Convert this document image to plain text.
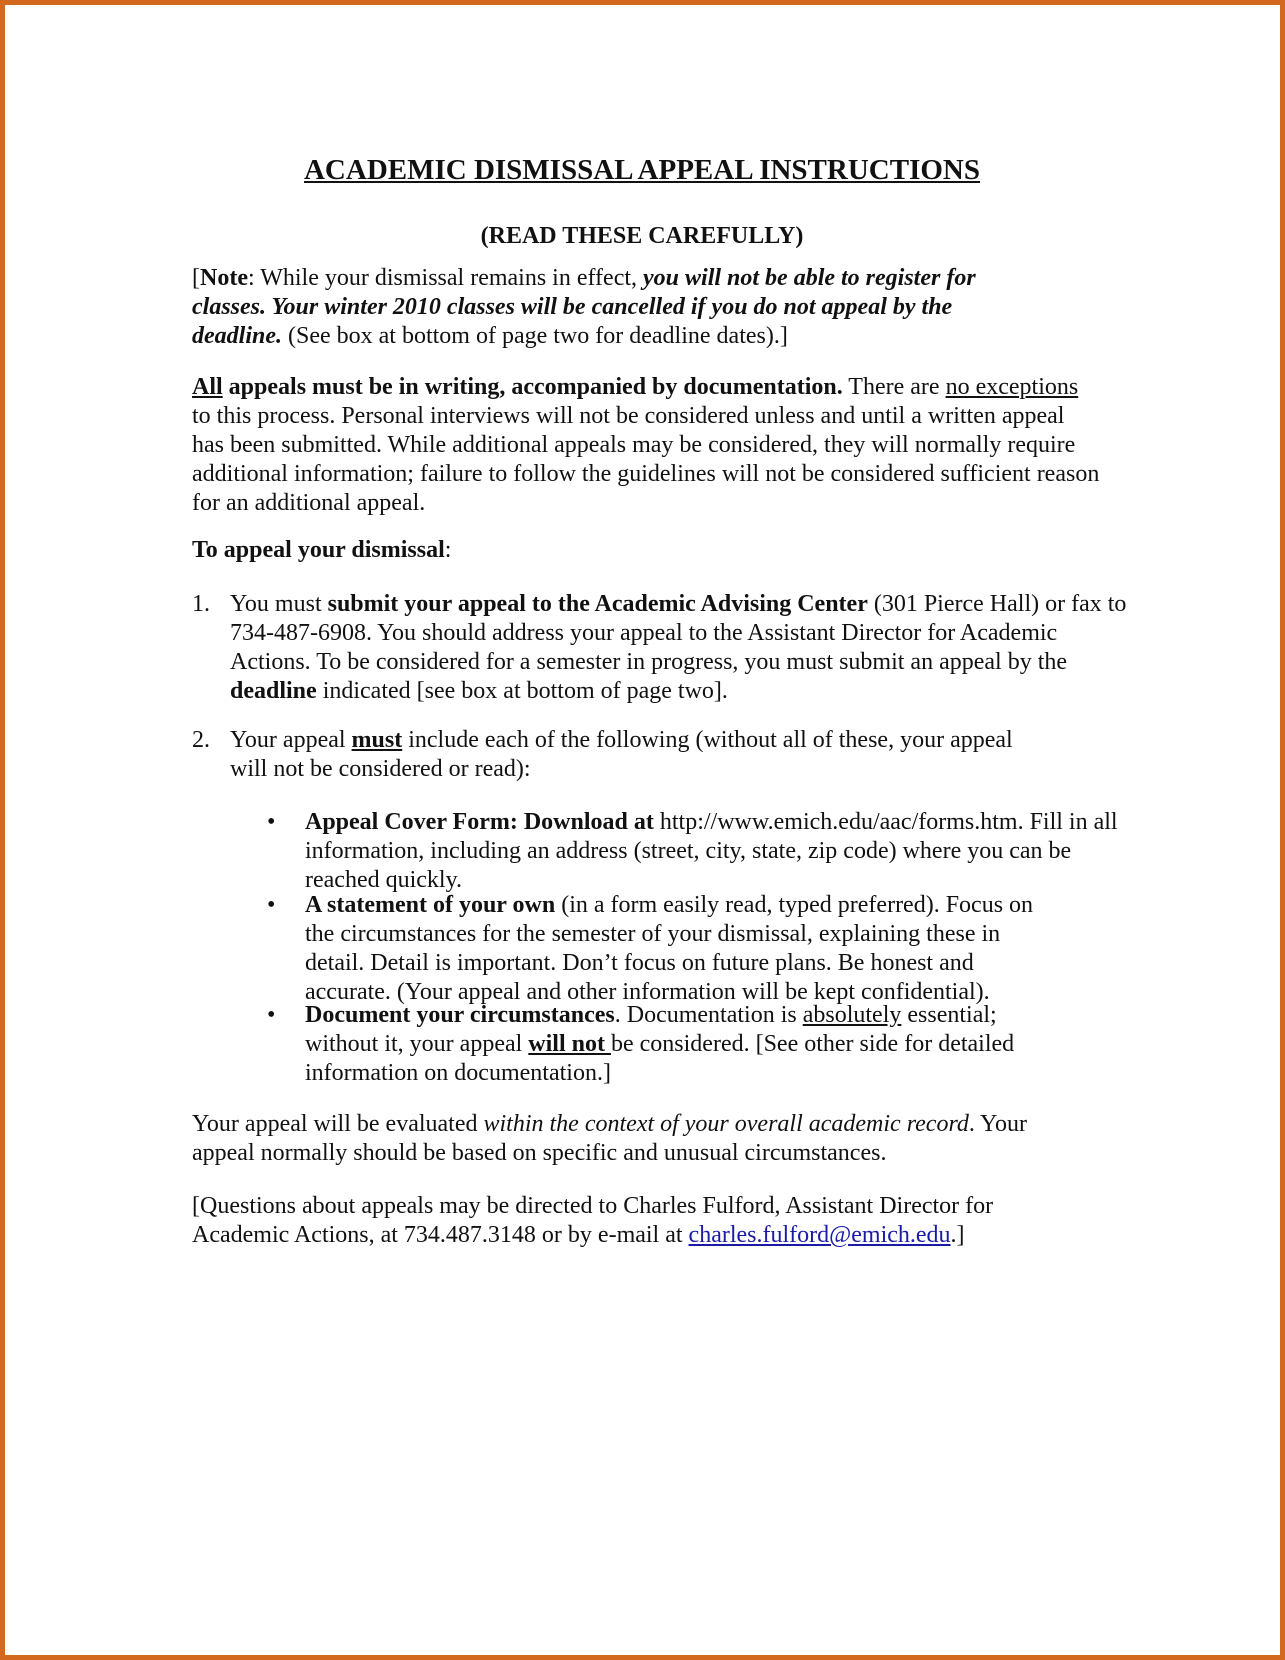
ACADEMIC DISMISSAL APPEAL INSTRUCTIONS

(READ THESE CAREFULLY)

[Note: While your dismissal remains in effect, you will not be able to register for classes. Your winter 2010 classes will be cancelled if you do not appeal by the deadline. (See box at bottom of page two for deadline dates).]

All appeals must be in writing, accompanied by documentation. There are no exceptions to this process. Personal interviews will not be considered unless and until a written appeal has been submitted. While additional appeals may be considered, they will normally require additional information; failure to follow the guidelines will not be considered sufficient reason for an additional appeal.

To appeal your dismissal:

1. You must submit your appeal to the Academic Advising Center (301 Pierce Hall) or fax to 734-487-6908. You should address your appeal to the Assistant Director for Academic Actions. To be considered for a semester in progress, you must submit an appeal by the deadline indicated [see box at bottom of page two].
2. Your appeal must include each of the following (without all of these, your appeal will not be considered or read):
• Appeal Cover Form: Download at http://www.emich.edu/aac/forms.htm. Fill in all information, including an address (street, city, state, zip code) where you can be reached quickly.
• A statement of your own (in a form easily read, typed preferred). Focus on the circumstances for the semester of your dismissal, explaining these in detail. Detail is important. Don’t focus on future plans. Be honest and accurate. (Your appeal and other information will be kept confidential).
• Document your circumstances. Documentation is absolutely essential; without it, your appeal will not be considered. [See other side for detailed information on documentation.]

Your appeal will be evaluated within the context of your overall academic record. Your appeal normally should be based on specific and unusual circumstances.

[Questions about appeals may be directed to Charles Fulford, Assistant Director for Academic Actions, at 734.487.3148 or by e-mail at charles.fulford@emich.edu.]
